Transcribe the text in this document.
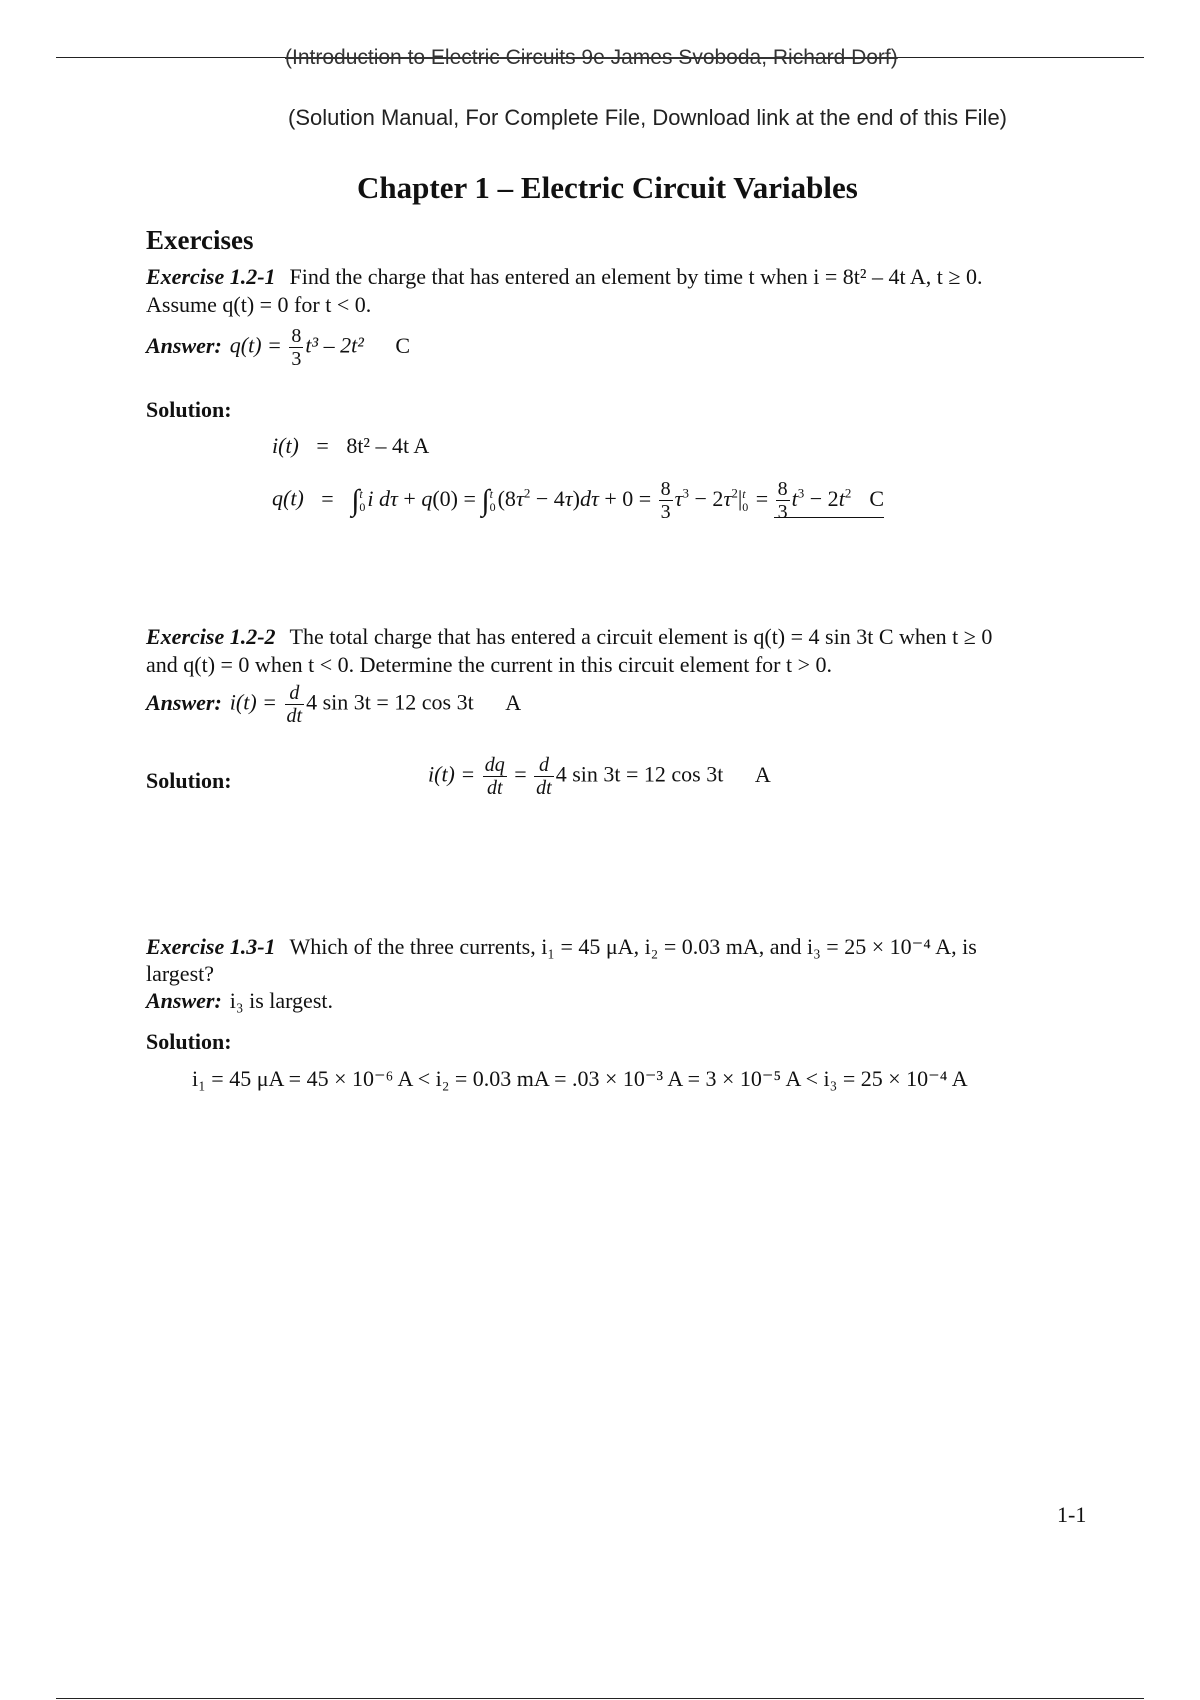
(Introduction to Electric Circuits 9e James Svoboda, Richard Dorf)
(Solution Manual, For Complete File, Download link at the end of this File)
Chapter 1 – Electric Circuit Variables
Exercises
Exercise 1.2-1 Find the charge that has entered an element by time t when i = 8t² – 4t A, t ≥ 0.
Assume q(t) = 0 for t < 0.
Answer: $q(t) = \frac{8}{3} t^3 - 2t^2$ C
Solution:
i(t) = 8t² – 4t A
q(t) = ∫t
0i dτ + q(0) = ∫t
$0(8\tau^2 - 4\tau)d\tau + 0 = \frac{8}{3} \tau^3 - 2\tau^2|t$
$0 = \frac{8}{3} t^3 - 2t^2$ C
Exercise 1.2-2 The total charge that has entered a circuit element is q(t) = 4 sin 3t C when t ≥ 0
and q(t) = 0 when t < 0. Determine the current in this circuit element for t > 0.
Answer: $i(t) = \frac{d}{dt} 4$ sin 3t = 12 cos 3t A
Solution:	$i(t) = \frac{dq}{dt} = \frac{d}{dt} 4$ sin 3t = 12 cos 3t A
Exercise 1.3-1 Which of the three currents, i₁ = 45 μA, i₂ = 0.03 mA, and i₃ = 25 × 10⁻⁴ A, is
largest?
Answer: i₃ is largest.
Solution:
i₁ = 45 μA = 45 × 10⁻⁶ A < i₂ = 0.03 mA = .03 × 10⁻³ A = 3 × 10⁻⁵ A < i₃ = 25 × 10⁻⁴ A
1-1
